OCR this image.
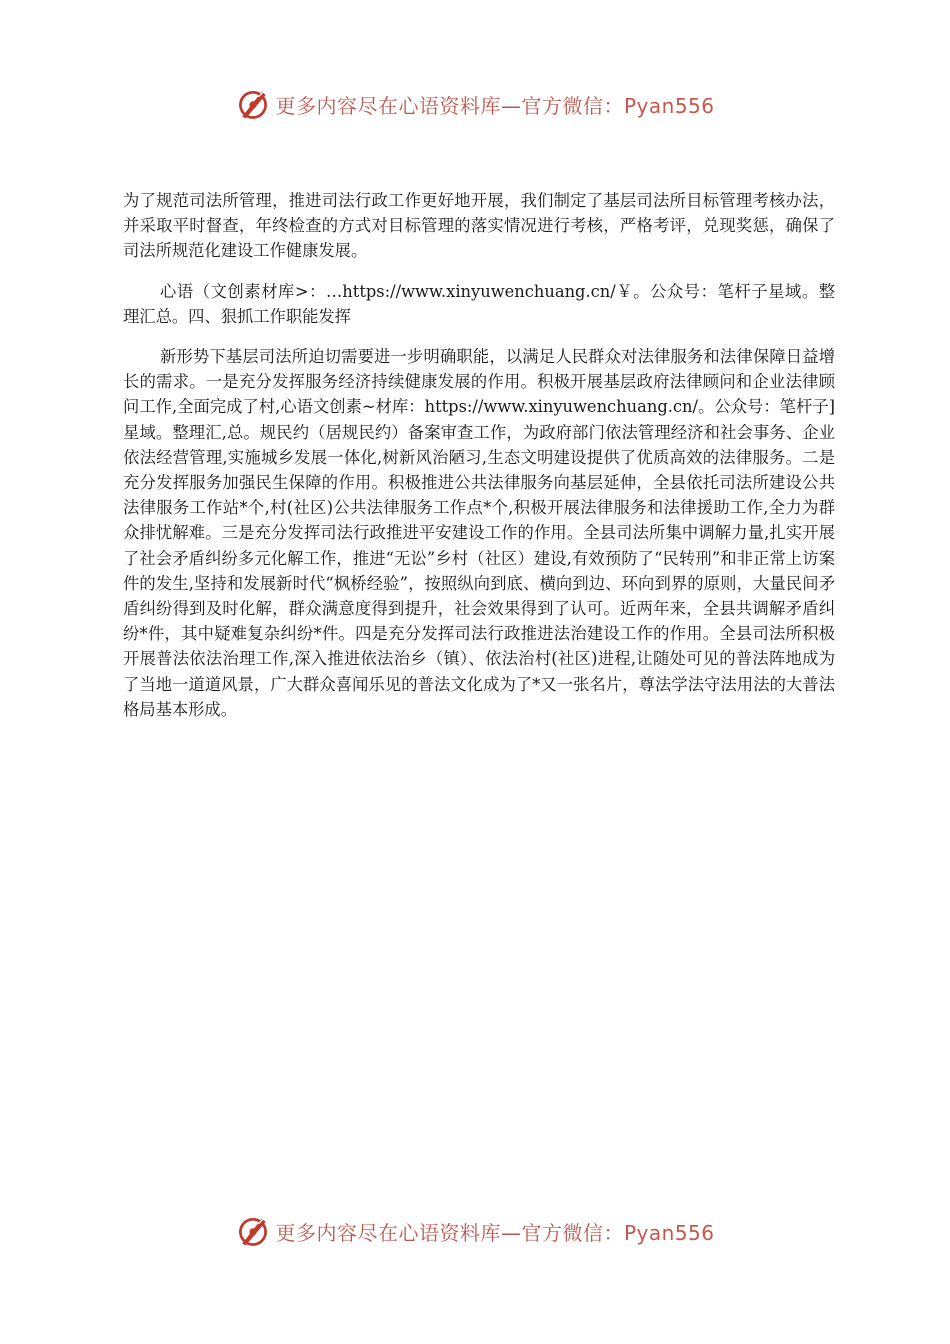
更多内容尽在心语资料库—官方微信：Pyan556

为了规范司法所管理，推进司法行政工作更好地开展，我们制定了基层司法所目标管理考核办法，并采取平时督查，年终检查的方式对目标管理的落实情况进行考核，严格考评，兑现奖惩，确保了司法所规范化建设工作健康发展。

心语（文创素材库>：…https://www.xinyuwenchuang.cn/￥。公众号：笔杆子星域。整理汇总。四、狠抓工作职能发挥

新形势下基层司法所迫切需要进一步明确职能，以满足人民群众对法律服务和法律保障日益增长的需求。一是充分发挥服务经济持续健康发展的作用。积极开展基层政府法律顾问和企业法律顾问工作,全面完成了村,心语文创素~材库：https://www.xinyuwenchuang.cn/。公众号：笔杆子]星域。整理汇,总。规民约（居规民约）备案审查工作，为政府部门依法管理经济和社会事务、企业依法经营管理,实施城乡发展一体化,树新风治陋习,生态文明建设提供了优质高效的法律服务。二是充分发挥服务加强民生保障的作用。积极推进公共法律服务向基层延伸，全县依托司法所建设公共法律服务工作站*个,村(社区)公共法律服务工作点*个,积极开展法律服务和法律援助工作,全力为群众排忧解难。三是充分发挥司法行政推进平安建设工作的作用。全县司法所集中调解力量,扎实开展了社会矛盾纠纷多元化解工作，推进“无讼”乡村（社区）建设,有效预防了“民转刑”和非正常上访案件的发生,坚持和发展新时代“枫桥经验”，按照纵向到底、横向到边、环向到界的原则，大量民间矛盾纠纷得到及时化解，群众满意度得到提升，社会效果得到了认可。近两年来，全县共调解矛盾纠纷*件，其中疑难复杂纠纷*件。四是充分发挥司法行政推进法治建设工作的作用。全县司法所积极开展普法依法治理工作,深入推进依法治乡（镇）、依法治村(社区)进程,让随处可见的普法阵地成为了当地一道道风景，广大群众喜闻乐见的普法文化成为了*又一张名片，尊法学法守法用法的大普法格局基本形成。

更多内容尽在心语资料库—官方微信：Pyan556
